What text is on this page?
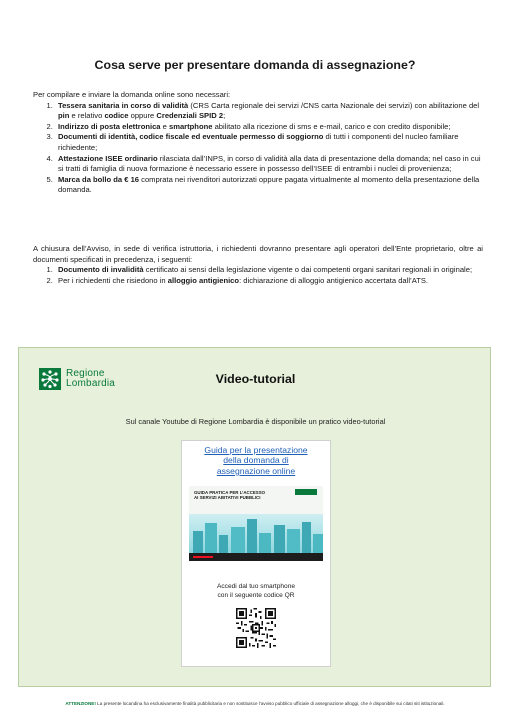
Cosa serve per presentare domanda di assegnazione?
Per compilare e inviare la domanda online sono necessari:
1. Tessera sanitaria in corso di validità (CRS Carta regionale dei servizi /CNS carta Nazionale dei servizi) con abilitazione del pin e relativo codice oppure Credenziali SPID 2;
2. Indirizzo di posta elettronica e smartphone abilitato alla ricezione di sms e e-mail, carico e con credito disponibile;
3. Documenti di identità, codice fiscale ed eventuale permesso di soggiorno di tutti i componenti del nucleo familiare richiedente;
4. Attestazione ISEE ordinario rilasciata dall’INPS, in corso di validità alla data di presentazione della domanda; nel caso in cui si tratti di famiglia di nuova formazione è necessario essere in possesso dell’ISEE di entrambi i nuclei di provenienza;
5. Marca da bollo da € 16 comprata nei rivenditori autorizzati oppure pagata virtualmente al momento della presentazione della domanda.

A chiusura dell’Avviso, in sede di verifica istruttoria, i richiedenti dovranno presentare agli operatori dell’Ente proprietario, oltre ai documenti specificati in precedenza, i seguenti:

1. Documento di invalidità certificato ai sensi della legislazione vigente o dai competenti organi sanitari regionali in originale;
2. Per i richiedenti che risiedono in alloggio antigienico: dichiarazione di alloggio antigienico accertata dall’ATS.
Regione
Lombardia	Video-tutorial
Sul canale Youtube di Regione Lombardia è disponibile un pratico video-tutorial
Guida per la presentazione
della domanda di
assegnazione online
GUIDA PRATICA PER L’ACCESSO
AI SERVIZI ABITATIVI PUBBLICI
Accedi dal tuo smartphone
con il seguente codice QR
ATTENZIONE! La presente locandina ha esclusivamente finalità pubblicitaria e non sostituisce l’avviso pubblico ufficiale di assegnazione alloggi, che è disponibile sui citati siti istituzionali.
